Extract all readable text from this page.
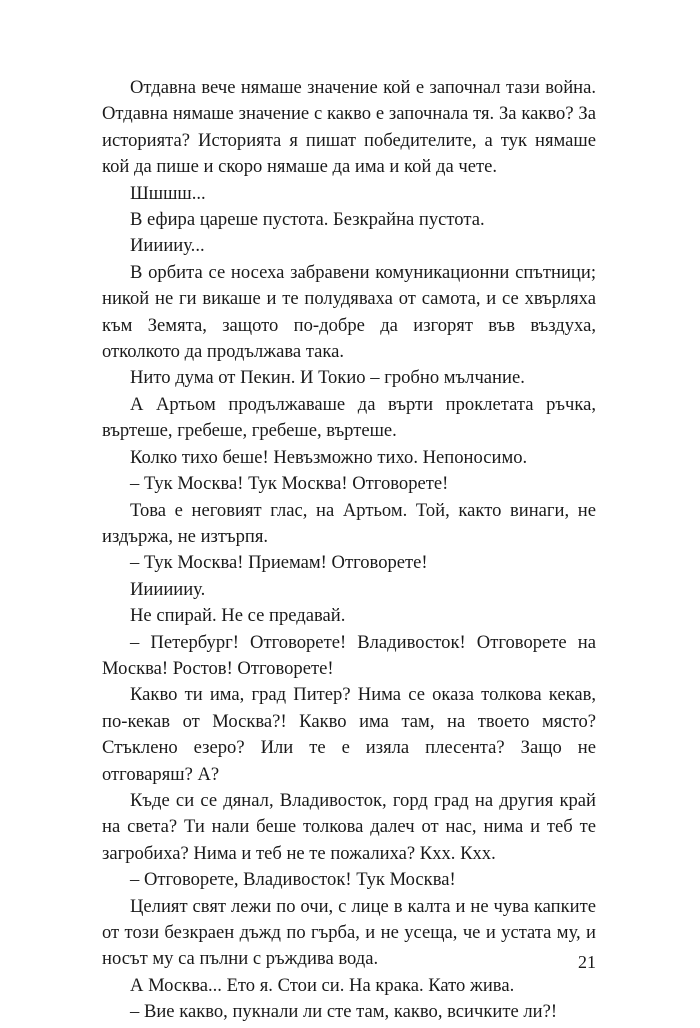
Отдавна вече нямаше значение кой е започнал тази война. Отдавна нямаше значение с какво е започнала тя. За какво? За историята? Историята я пишат победителите, а тук нямаше кой да пише и скоро нямаше да има и кой да чете.

Шшшш...

В ефира цареше пустота. Безкрайна пустота.

Иииииу...

В орбита се носеха забравени комуникационни спътници; никой не ги викаше и те полудяваха от самота, и се хвърляха към Земята, защото по-добре да изгорят във въздуха, отколкото да продължава така.

Нито дума от Пекин. И Токио – гробно мълчание.

А Артьом продължаваше да върти проклетата ръчка, въртеше, гребеше, гребеше, въртеше.

Колко тихо беше! Невъзможно тихо. Непоносимо.

– Тук Москва! Тук Москва! Отговорете!

Това е неговият глас, на Артьом. Той, както винаги, не издържа, не изтърпя.

– Тук Москва! Приемам! Отговорете!

Ииииииу.

Не спирай. Не се предавай.

– Петербург! Отговорете! Владивосток! Отговорете на Москва! Ростов! Отговорете!

Какво ти има, град Питер? Нима се оказа толкова кекав, по-кекав от Москва?! Какво има там, на твоето място? Стъклено езеро? Или те е изяла плесента? Защо не отговаряш? А?

Къде си се дянал, Владивосток, горд град на другия край на света? Ти нали беше толкова далеч от нас, нима и теб те загробиха? Нима и теб не те пожалиха? Кхх. Кхх.

– Отговорете, Владивосток! Тук Москва!

Целият свят лежи по очи, с лице в калта и не чува капките от този безкраен дъжд по гърба, и не усеща, че и устата му, и носът му са пълни с ръждива вода.

А Москва... Ето я. Стои си. На крака. Като жива.

– Вие какво, пукнали ли сте там, какво, всичките ли?!

21
